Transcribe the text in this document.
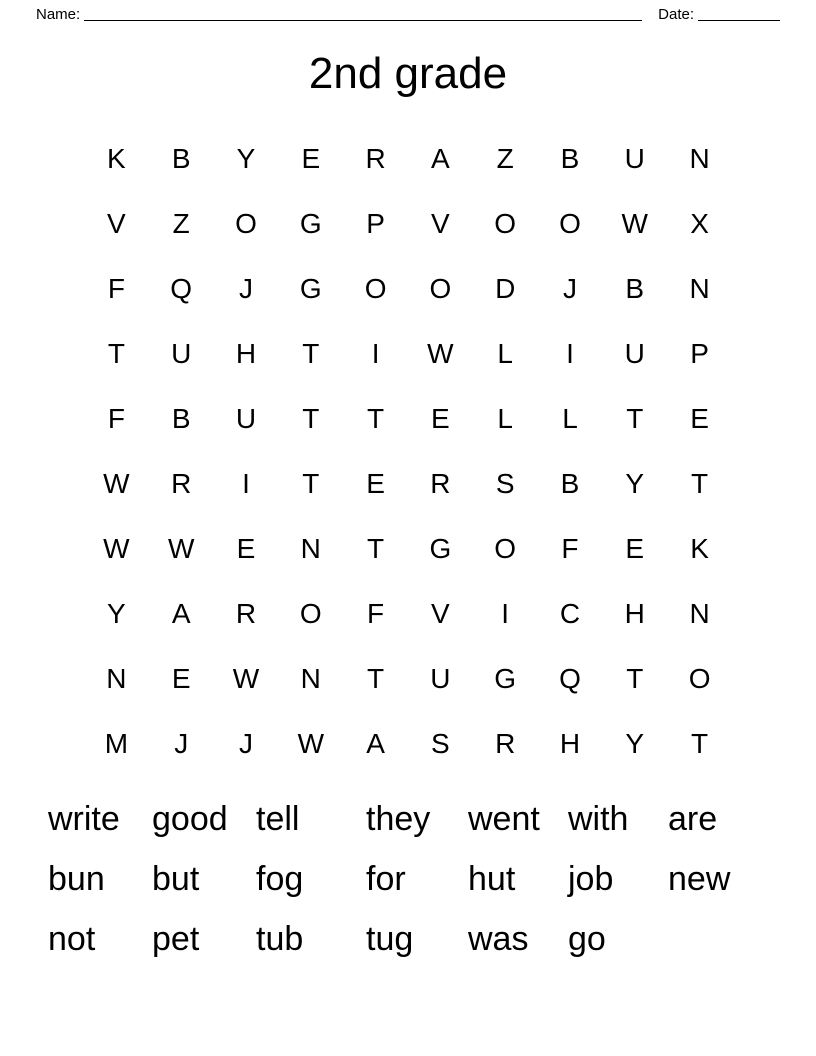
Name:	Date:
2nd grade
K	B	Y	E	R	A	Z	B	U	N
V	Z	O	G	P	V	O	O	W	X
F	Q	J	G	O	O	D	J	B	N
T	U	H	T	I	W	L	I	U	P
F	B	U	T	T	E	L	L	T	E
W	R	I	T	E	R	S	B	Y	T
W	W	E	N	T	G	O	F	E	K
Y	A	R	O	F	V	I	C	H	N
N	E	W	N	T	U	G	Q	T	O
M	J	J	W	A	S	R	H	Y	T
write good tell	they	went with	are
bun	but	fog	for	hut	job	new
not	pet	tub	tug	was	go
